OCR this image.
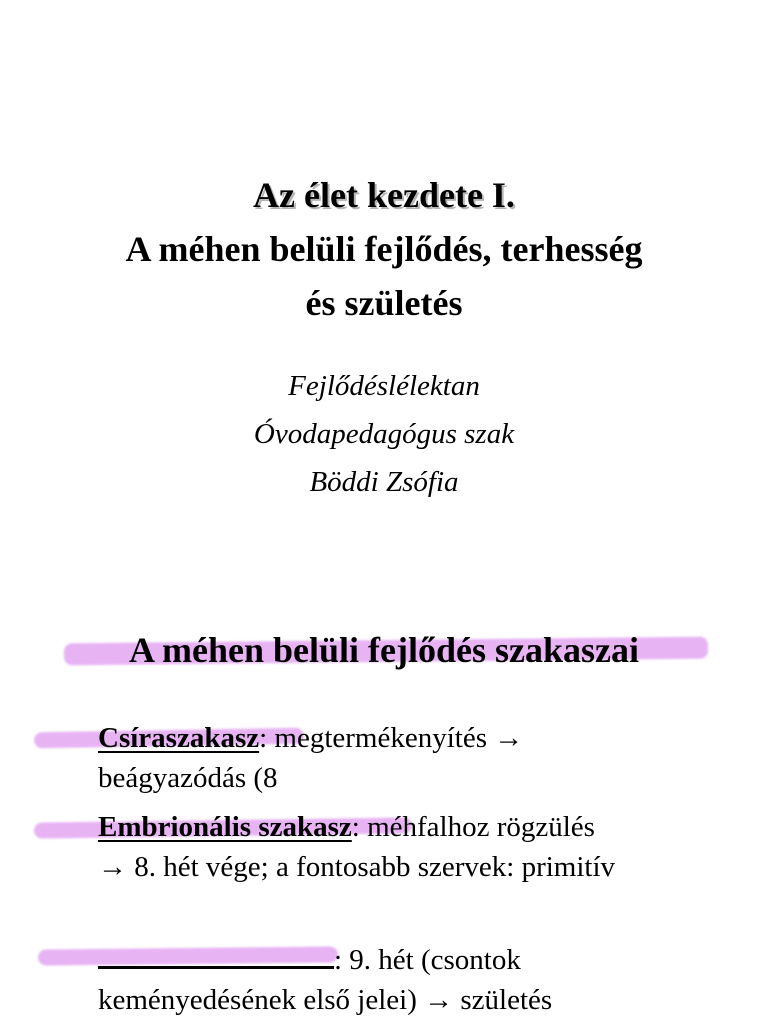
Az élet kezdete I.
A méhen belüli fejlődés, terhesség
és születés
Fejlődéslélektan
Óvodapedagógus szak
Böddi Zsófia
A méhen belüli fejlődés szakaszai
Csíraszakasz: megtermékenyítés →
beágyazódás (8
Embrionális szakasz: méhfalhoz rögzülés
→ 8. hét vége; a fontosabb szervek: primitív
: 9. hét (csontok
keményedésének első jelei) → születés
